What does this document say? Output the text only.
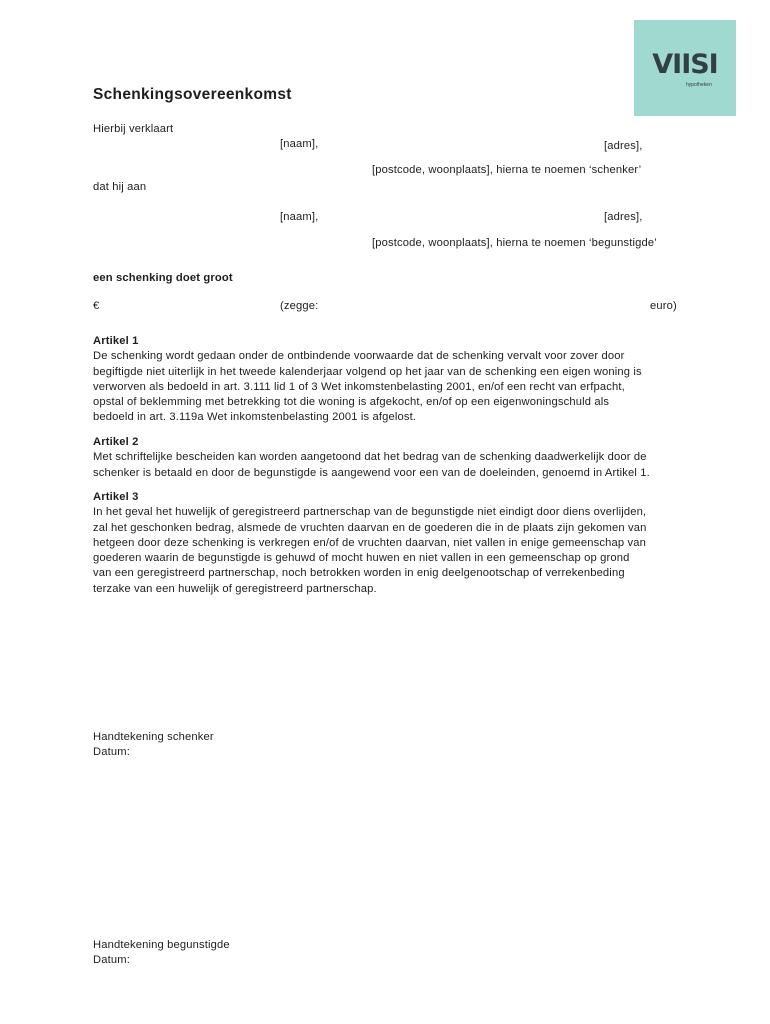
VIISI
hypotheken
Schenkingsovereenkomst
Hierbij verklaart
[naam],	[adres],
[postcode, woonplaats], hierna te noemen ‘schenker’
dat hij aan
[naam],	[adres],
[postcode, woonplaats], hierna te noemen ‘begunstigde’
een schenking doet groot
€	(zegge:	euro)
Artikel 1
De schenking wordt gedaan onder de ontbindende voorwaarde dat de schenking vervalt voor zover door
begiftigde niet uiterlijk in het tweede kalenderjaar volgend op het jaar van de schenking een eigen woning is
verworven als bedoeld in art. 3.111 lid 1 of 3 Wet inkomstenbelasting 2001, en/of een recht van erfpacht,
opstal of beklemming met betrekking tot die woning is afgekocht, en/of op een eigenwoningschuld als
bedoeld in art. 3.119a Wet inkomstenbelasting 2001 is afgelost.
Artikel 2
Met schriftelijke bescheiden kan worden aangetoond dat het bedrag van de schenking daadwerkelijk door de
schenker is betaald en door de begunstigde is aangewend voor een van de doeleinden, genoemd in Artikel 1.
Artikel 3
In het geval het huwelijk of geregistreerd partnerschap van de begunstigde niet eindigt door diens overlijden,
zal het geschonken bedrag, alsmede de vruchten daarvan en de goederen die in de plaats zijn gekomen van
hetgeen door deze schenking is verkregen en/of de vruchten daarvan, niet vallen in enige gemeenschap van
goederen waarin de begunstigde is gehuwd of mocht huwen en niet vallen in een gemeenschap op grond
van een geregistreerd partnerschap, noch betrokken worden in enig deelgenootschap of verrekenbeding
terzake van een huwelijk of geregistreerd partnerschap.
Handtekening schenker
Datum:
Handtekening begunstigde
Datum:
